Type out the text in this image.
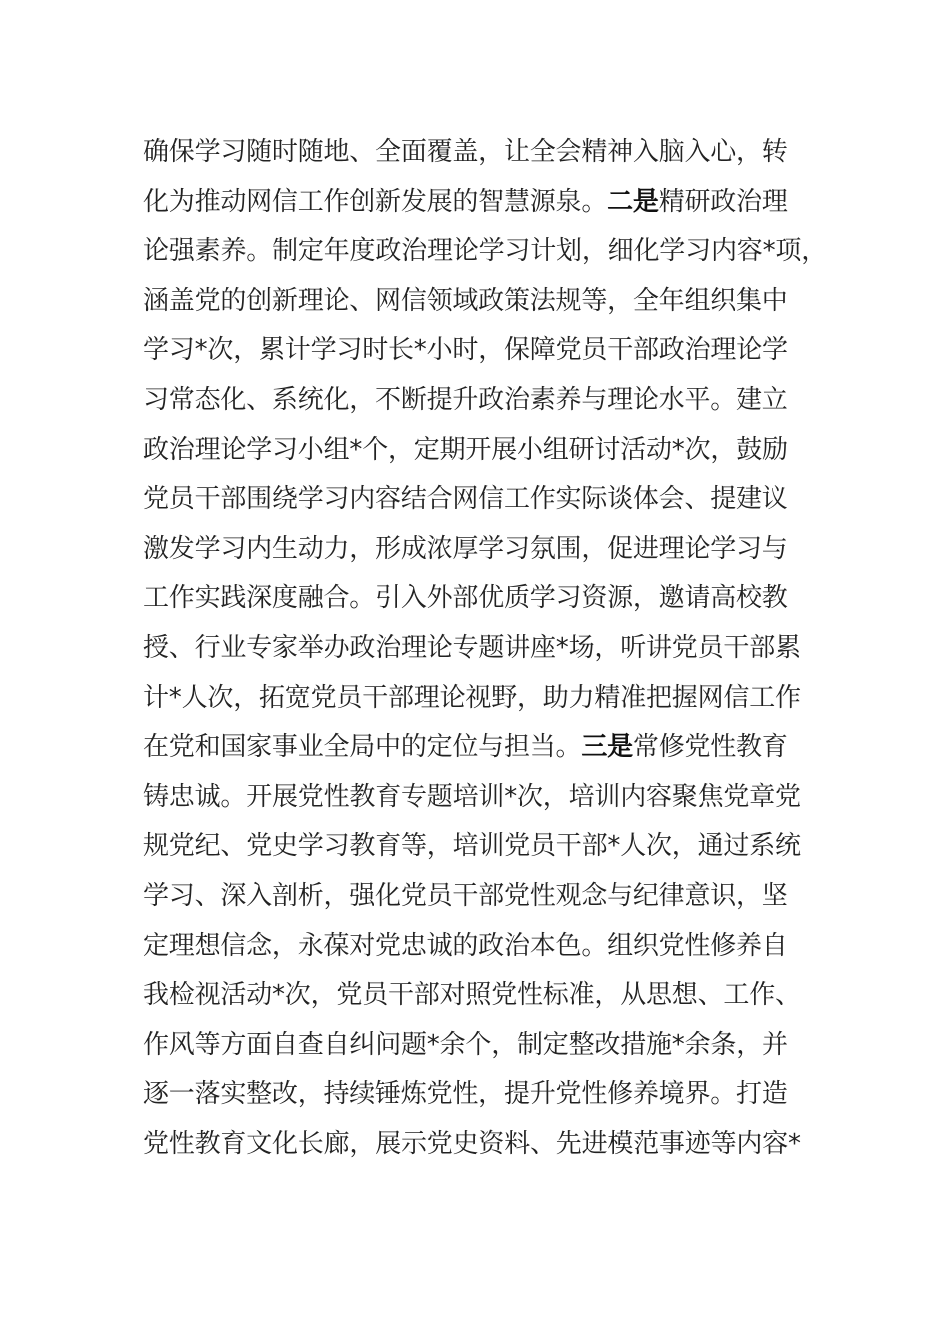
确保学习随时随地、全面覆盖，让全会精神入脑入心，转
化为推动网信工作创新发展的智慧源泉。二是精研政治理
论强素养。制定年度政治理论学习计划，细化学习内容*项，
涵盖党的创新理论、网信领域政策法规等，全年组织集中
学习*次，累计学习时长*小时，保障党员干部政治理论学
习常态化、系统化，不断提升政治素养与理论水平。建立
政治理论学习小组*个，定期开展小组研讨活动*次，鼓励
党员干部围绕学习内容结合网信工作实际谈体会、提建议
激发学习内生动力，形成浓厚学习氛围，促进理论学习与
工作实践深度融合。引入外部优质学习资源，邀请高校教
授、行业专家举办政治理论专题讲座*场，听讲党员干部累
计*人次，拓宽党员干部理论视野，助力精准把握网信工作
在党和国家事业全局中的定位与担当。三是常修党性教育
铸忠诚。开展党性教育专题培训*次，培训内容聚焦党章党
规党纪、党史学习教育等，培训党员干部*人次，通过系统
学习、深入剖析，强化党员干部党性观念与纪律意识，坚
定理想信念，永葆对党忠诚的政治本色。组织党性修养自
我检视活动*次，党员干部对照党性标准，从思想、工作、
作风等方面自查自纠问题*余个，制定整改措施*余条，并
逐一落实整改，持续锤炼党性，提升党性修养境界。打造
党性教育文化长廊，展示党史资料、先进模范事迹等内容*
